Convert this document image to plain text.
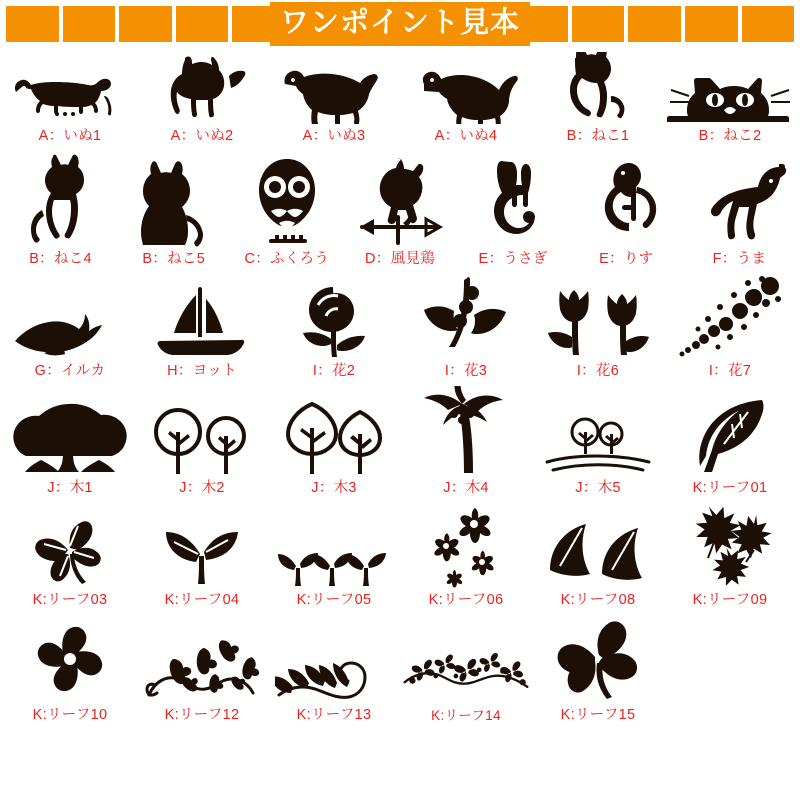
ワンポイント見本
A：いぬ1	A：いぬ2	A：いぬ3	A：いぬ4	B：ねこ1	B：ねこ2
B：ねこ4	B：ねこ5	C：ふくろう D：風見鶏	E：うさぎ	E：りす	F：うま
G：イルカ	H：ヨット	I：花2	I：花3	I：花6	I：花7
J：木1	J：木2	J：木3	J：木4	J：木5	K:リーフ01
K:リーフ03	K:リーフ04	K:リーフ05	K:リーフ06	K:リーフ08	K:リーフ09
K:リーフ10	K:リーフ12	K:リーフ13	K:リーフ14	K:リーフ15
